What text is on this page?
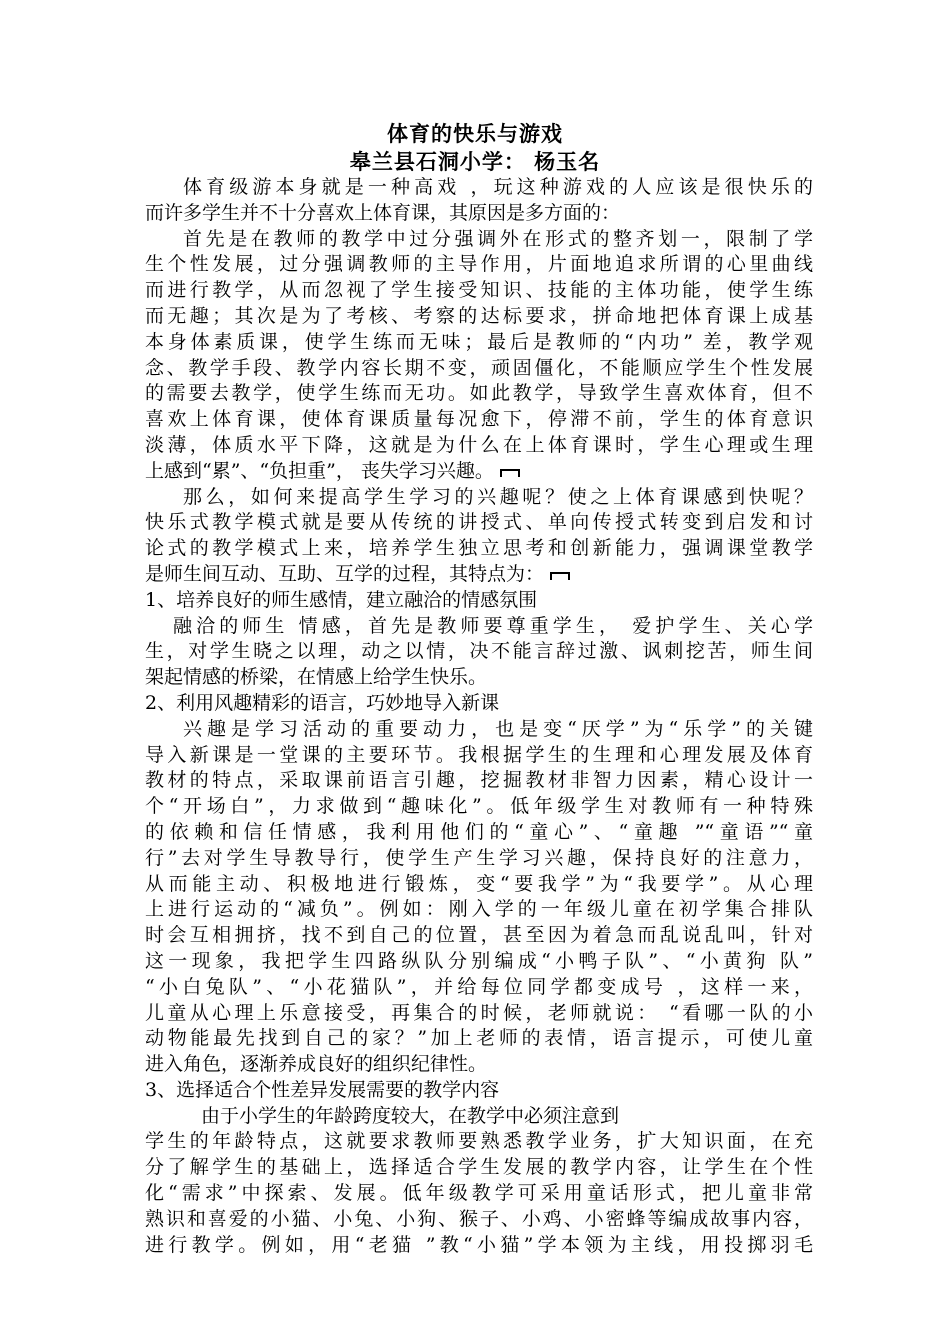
体育的快乐与游戏
皋兰县石洞小学： 杨玉名
体育级游本身就是一种高戏 ，玩这种游戏的人应该是很快乐的
而许多学生并不十分喜欢上体育课，其原因是多方面的：
首先是在教师的教学中过分强调外在形式的整齐划一，限制了学
生个性发展，过分强调教师的主导作用，片面地追求所谓的心里曲线
而进行教学，从而忽视了学生接受知识、技能的主体功能，使学生练
而无趣；其次是为了考核、考察的达标要求，拼命地把体育课上成基
本身体素质课，使学生练而无味；最后是教师的“内功” 差，教学观
念、教学手段、教学内容长期不变，顽固僵化，不能顺应学生个性发展
的需要去教学，使学生练而无功。如此教学，导致学生喜欢体育，但不
喜欢上体育课，使体育课质量每况愈下，停滞不前，学生的体育意识
淡薄，体质水平下降，这就是为什么在上体育课时，学生心理或生理
上感到“累”、“负担重”， 丧失学习兴趣。
那么，如何来提高学生学习的兴趣呢？使之上体育课感到快呢？
快乐式教学模式就是要从传统的讲授式、单向传授式转变到启发和讨
论式的教学模式上来，培养学生独立思考和创新能力，强调课堂教学
是师生间互动、互助、互学的过程，其特点为：
1、培养良好的师生感情，建立融洽的情感氛围
融洽的师生 情感，首先是教师要尊重学生， 爱护学生、关心学
生，对学生晓之以理，动之以情，决不能言辞过激、讽刺挖苦，师生间
架起情感的桥梁，在情感上给学生快乐。
2、利用风趣精彩的语言，巧妙地导入新课
兴趣是学习活动的重要动力，也是变“厌学”为“乐学”的关键
导入新课是一堂课的主要环节。我根据学生的生理和心理发展及体育
教材的特点，采取课前语言引趣，挖掘教材非智力因素，精心设计一
个“开场白”，力求做到“趣味化”。低年级学生对教师有一种特殊
的依赖和信任情感，我利用他们的“童心”、“童趣 ”“童语”“童
行”去对学生导教导行，使学生产生学习兴趣，保持良好的注意力，
从而能主动、积极地进行锻炼，变“要我学”为“我要学”。从心理
上进行运动的“减负”。例如：刚入学的一年级儿童在初学集合排队
时会互相拥挤，找不到自己的位置，甚至因为着急而乱说乱叫，针对
这一现象，我把学生四路纵队分别编成“小鸭子队”、“小黄狗 队”
“小白兔队”、“小花猫队”，并给每位同学都变成号 ，这样一来，
儿童从心理上乐意接受，再集合的时候，老师就说： “看哪一队的小
动物能最先找到自己的家？”加上老师的表情，语言提示，可使儿童
进入角色，逐渐养成良好的组织纪律性。
3、选择适合个性差异发展需要的教学内容
由于小学生的年龄跨度较大，在教学中必须注意到
学生的年龄特点，这就要求教师要熟悉教学业务，扩大知识面，在充
分了解学生的基础上，选择适合学生发展的教学内容，让学生在个性
化“需求”中探索、发展。低年级教学可采用童话形式，把儿童非常
熟识和喜爱的小猫、小兔、小狗、猴子、小鸡、小密蜂等编成故事内容，
进行教学。例如，用“老猫 ”教“小猫”学本领为主线，用投掷羽毛
